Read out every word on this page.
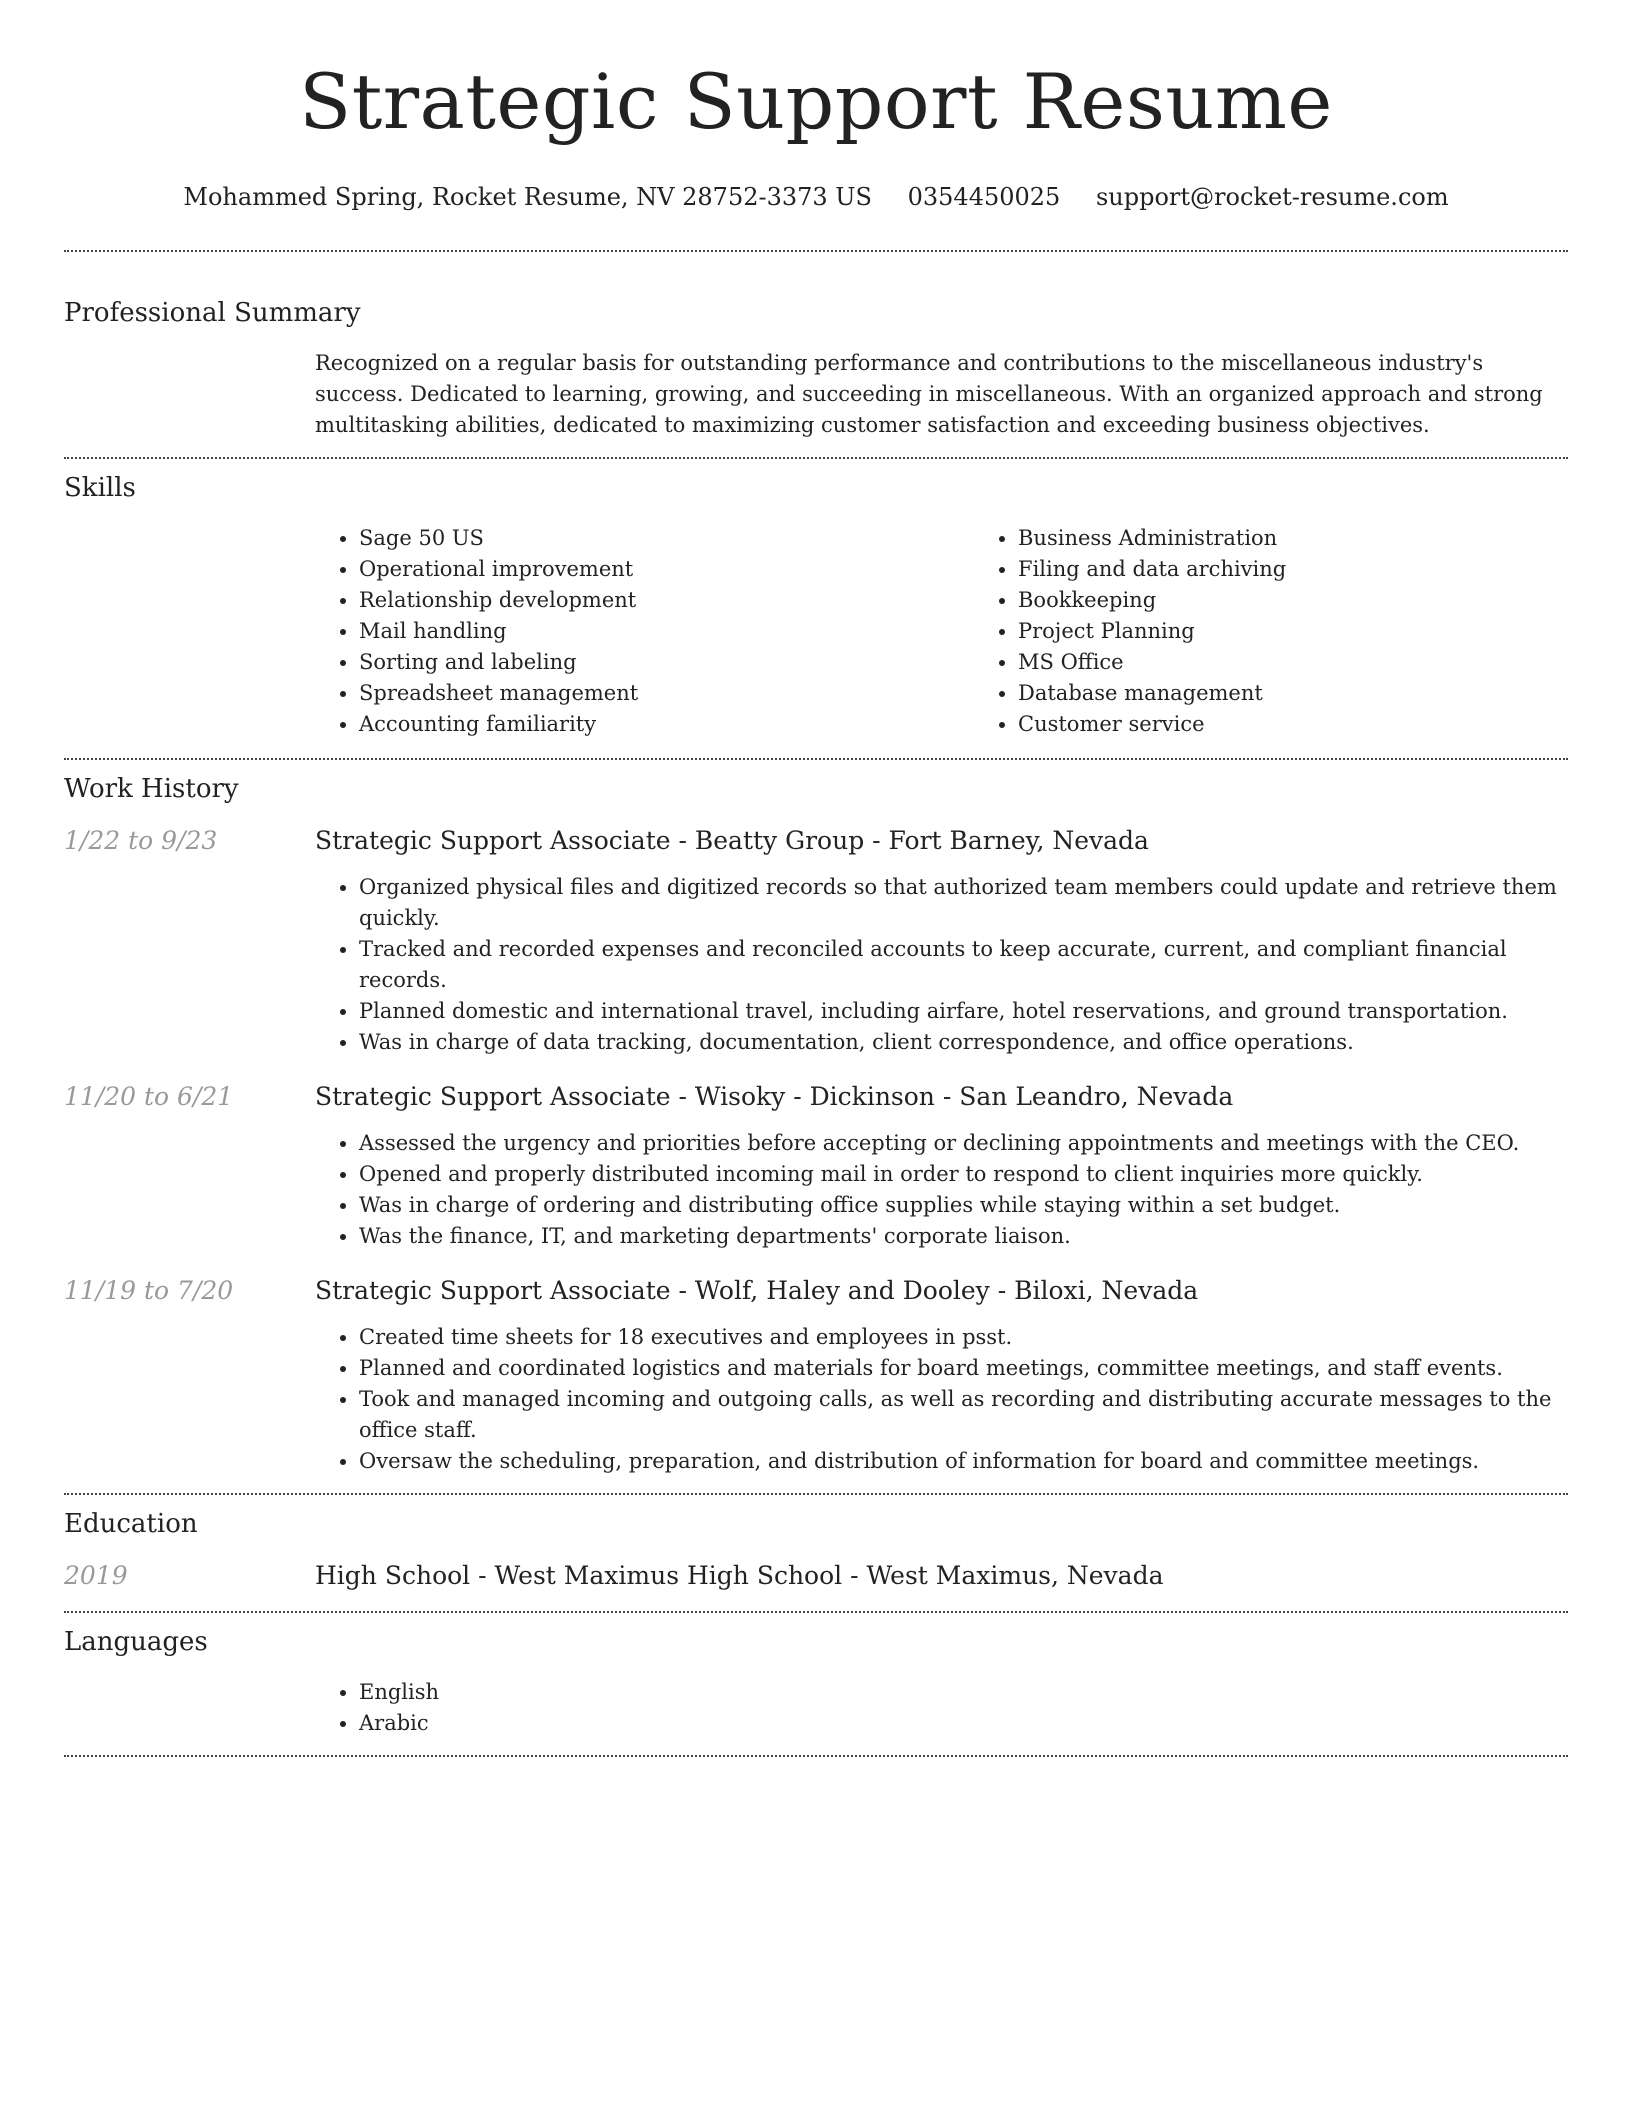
Strategic Support Resume
Mohammed Spring, Rocket Resume, NV 28752-3373 US 0354450025 support@rocket-resume.com
Professional Summary

Recognized on a regular basis for outstanding performance and contributions to the miscellaneous industry's success. Dedicated to learning, growing, and succeeding in miscellaneous. With an organized approach and strong multitasking abilities, dedicated to maximizing customer satisfaction and exceeding business objectives.

Skills
• Sage 50 US
• Operational improvement
• Relationship development
• Mail handling
• Sorting and labeling
• Spreadsheet management
• Accounting familiarity
• Business Administration
• Filing and data archiving
• Bookkeeping
• Project Planning
• MS Office
• Database management
• Customer service
Work History
1/22 to 9/23	Strategic Support Associate - Beatty Group - Fort Barney, Nevada
• Organized physical files and digitized records so that authorized team members could update and retrieve them quickly.
• Tracked and recorded expenses and reconciled accounts to keep accurate, current, and compliant financial records.
• Planned domestic and international travel, including airfare, hotel reservations, and ground transportation.
• Was in charge of data tracking, documentation, client correspondence, and office operations.
11/20 to 6/21	Strategic Support Associate - Wisoky - Dickinson - San Leandro, Nevada
• Assessed the urgency and priorities before accepting or declining appointments and meetings with the CEO.
• Opened and properly distributed incoming mail in order to respond to client inquiries more quickly.
• Was in charge of ordering and distributing office supplies while staying within a set budget.
• Was the finance, IT, and marketing departments' corporate liaison.
11/19 to 7/20	Strategic Support Associate - Wolf, Haley and Dooley - Biloxi, Nevada
• Created time sheets for 18 executives and employees in psst.
• Planned and coordinated logistics and materials for board meetings, committee meetings, and staff events.
• Took and managed incoming and outgoing calls, as well as recording and distributing accurate messages to the office staff.
• Oversaw the scheduling, preparation, and distribution of information for board and committee meetings.
Education
2019	High School - West Maximus High School - West Maximus, Nevada
Languages
• English
• Arabic
